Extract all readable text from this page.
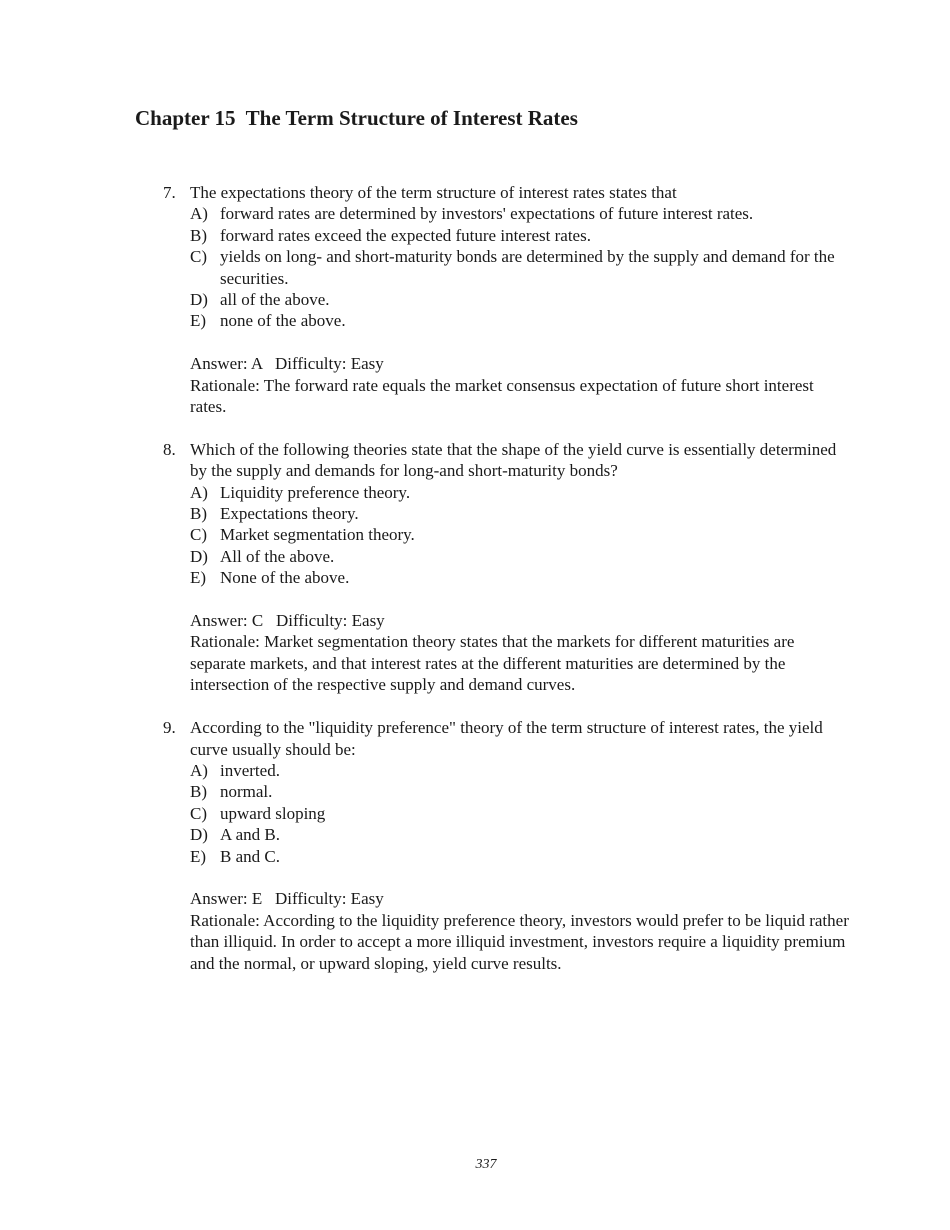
Chapter 15  The Term Structure of Interest Rates
7. The expectations theory of the term structure of interest rates states that

A) forward rates are determined by investors' expectations of future interest rates.
B) forward rates exceed the expected future interest rates.
C) yields on long- and short-maturity bonds are determined by the supply and demand for the securities.
D) all of the above.
E) none of the above.
Answer: A   Difficulty: Easy
Rationale: The forward rate equals the market consensus expectation of future short interest rates.
8. Which of the following theories state that the shape of the yield curve is essentially determined by the supply and demands for long-and short-maturity bonds?

A) Liquidity preference theory.
B) Expectations theory.
C) Market segmentation theory.
D) All of the above.
E) None of the above.
Answer: C   Difficulty: Easy
Rationale: Market segmentation theory states that the markets for different maturities are separate markets, and that interest rates at the different maturities are determined by the intersection of the respective supply and demand curves.
9. According to the "liquidity preference" theory of the term structure of interest rates, the yield curve usually should be:

A) inverted.
B) normal.
C) upward sloping
D) A and B.
E) B and C.
Answer: E   Difficulty: Easy
Rationale: According to the liquidity preference theory, investors would prefer to be liquid rather than illiquid. In order to accept a more illiquid investment, investors require a liquidity premium and the normal, or upward sloping, yield curve results.
337
